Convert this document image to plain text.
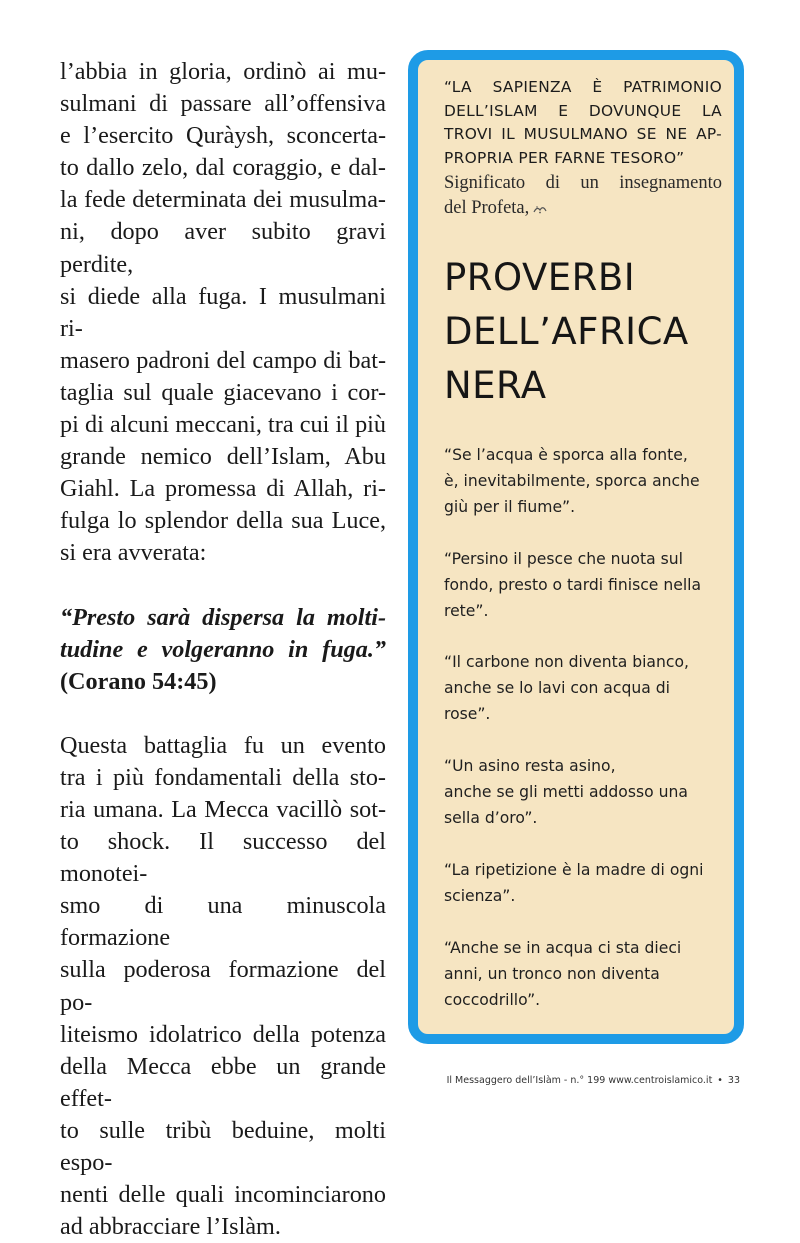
l’abbia in gloria, ordinò ai mu-
sulmani di passare all’offensiva
e l’esercito Quràysh, sconcerta-
to dallo zelo, dal coraggio, e dal-
la fede determinata dei musulma-
ni, dopo aver subito gravi perdite,
si diede alla fuga. I musulmani ri-
masero padroni del campo di bat-
taglia sul quale giacevano i cor-
pi di alcuni meccani, tra cui il più
grande nemico dell’Islam, Abu
Giahl. La promessa di Allah, ri-
fulga lo splendor della sua Luce,
si era avverata:

“Presto sarà dispersa la molti-
tudine e volgeranno in fuga.”
(Corano 54:45)

Questa battaglia fu un evento
tra i più fondamentali della sto-
ria umana. La Mecca vacillò sot-
to shock. Il successo del monotei-
smo di una minuscola formazione
sulla poderosa formazione del po-
liteismo idolatrico della potenza
della Mecca ebbe un grande effet-
to sulle tribù beduine, molti espo-
nenti delle quali incominciarono
ad abbracciare l’Islàm.

“LA SAPIENZA È PATRIMONIO
DELL’ISLAM E DOVUNQUE LA
TROVI IL MUSULMANO SE NE AP-
PROPRIA PER FARNE TESORO”

Significato di un insegnamento
del Profeta,

PROVERBI
DELL’AFRICA
NERA

“Se l’acqua è sporca alla fonte,
è, inevitabilmente, sporca anche
giù per il fiume”.

“Persino il pesce che nuota sul
fondo, presto o tardi finisce nella
rete”.

“Il carbone non diventa bianco,
anche se lo lavi con acqua di
rose”.

“Un asino resta asino,
anche se gli metti addosso una
sella d’oro”.

“La ripetizione è la madre di ogni
scienza”.

“Anche se in acqua ci sta dieci
anni, un tronco non diventa
coccodrillo”.

Il Messaggero dell’Islàm - n.° 199 www.centroislamico.it • 33
